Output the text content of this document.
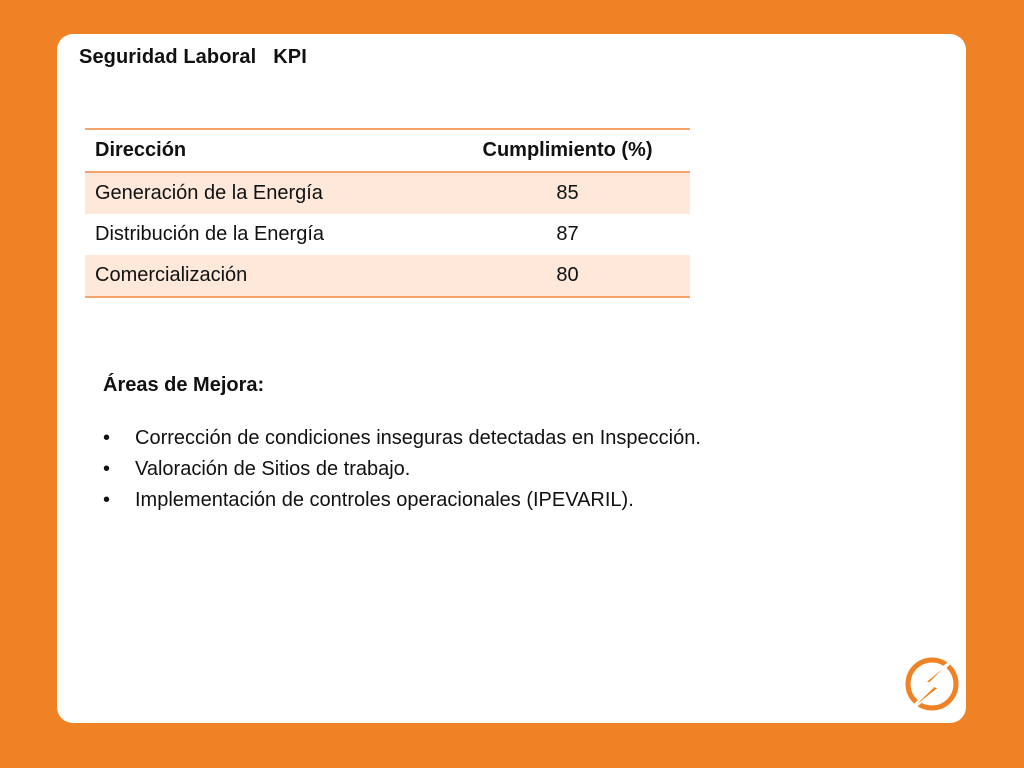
Seguridad Laboral   KPI
Dirección	Cumplimiento (%)
Generación de la Energía	85
Distribución de la Energía	87
Comercialización	80
Áreas de Mejora:
• Corrección de condiciones inseguras detectadas en Inspección.
• Valoración de Sitios de trabajo.
• Implementación de controles operacionales (IPEVARIL).
